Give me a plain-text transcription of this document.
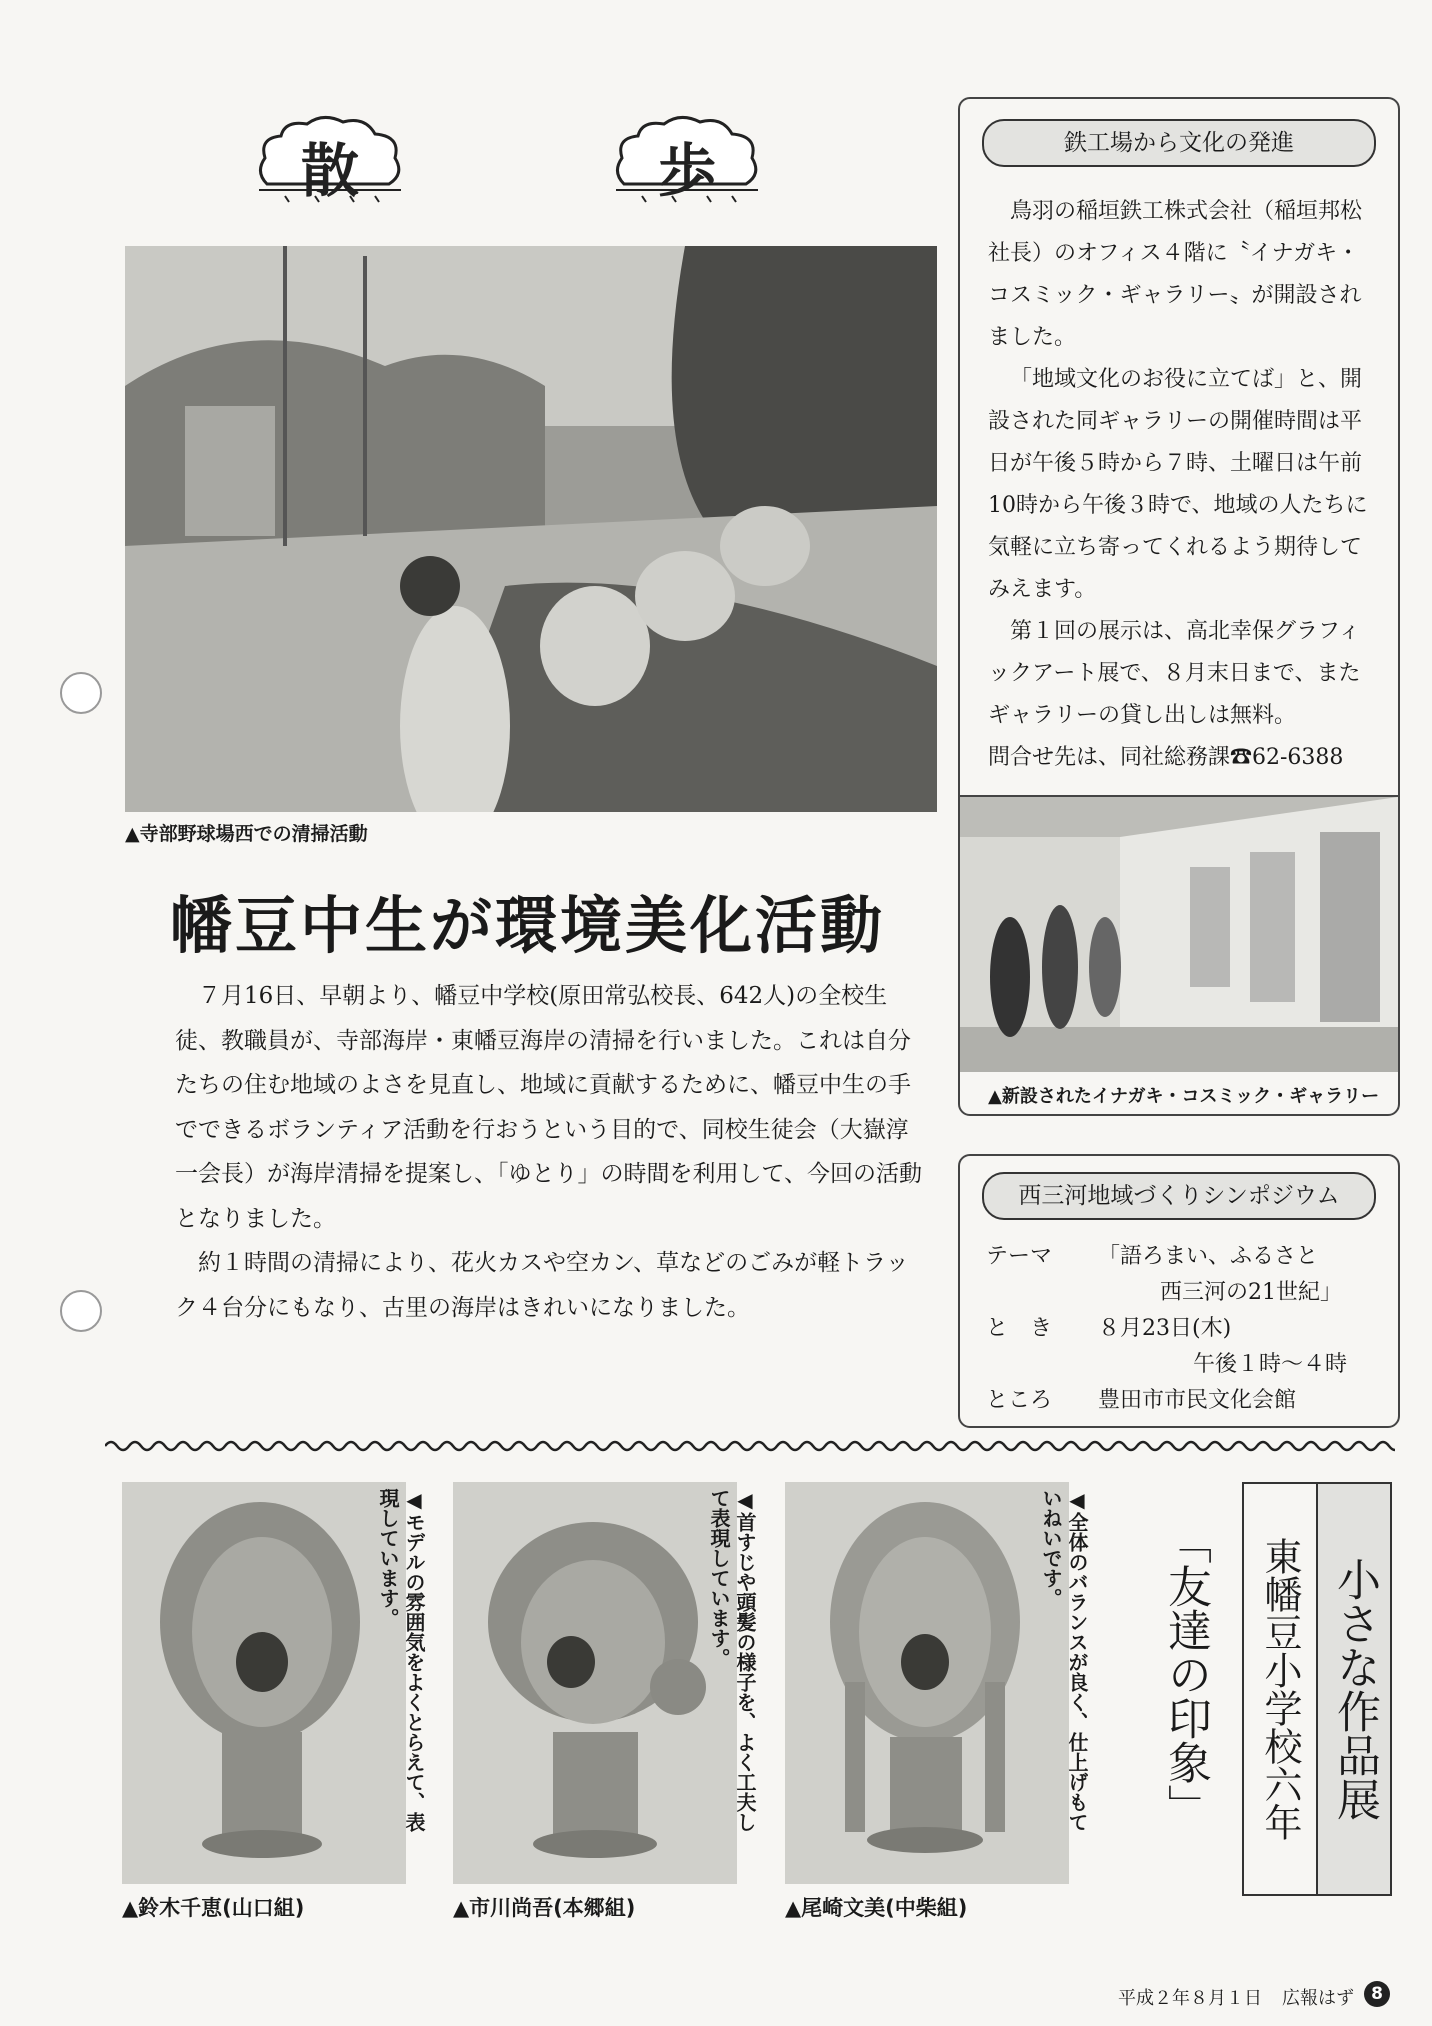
散	歩
▲寺部野球場西での清掃活動
幡豆中生が環境美化活動

７月16日、早朝より、幡豆中学校(原田常弘校長、642人)の全校生徒、教職員が、寺部海岸・東幡豆海岸の清掃を行いました。これは自分たちの住む地域のよさを見直し、地域に貢献するために、幡豆中生の手でできるボランティア活動を行おうという目的で、同校生徒会（大嶽淳一会長）が海岸清掃を提案し、「ゆとり」の時間を利用して、今回の活動となりました。

約１時間の清掃により、花火カスや空カン、草などのごみが軽トラック４台分にもなり、古里の海岸はきれいになりました。

鉄工場から文化の発進

鳥羽の稲垣鉄工株式会社（稲垣邦松社長）のオフィス４階に〝イナガキ・コスミック・ギャラリー〟が開設されました。

「地域文化のお役に立てば」と、開設された同ギャラリーの開催時間は平日が午後５時から７時、土曜日は午前10時から午後３時で、地域の人たちに気軽に立ち寄ってくれるよう期待してみえます。

第１回の展示は、高北幸保グラフィックアート展で、８月末日まで、またギャラリーの貸し出しは無料。

問合せ先は、同社総務課☎62-6388

▲新設されたイナガキ・コスミック・ギャラリー
西三河地域づくりシンポジウム
テーマ 「語ろまい、ふるさと
西三河の21世紀」
と　き ８月23日(木)
午後１時～４時
ところ 豊田市市民文化会館
◀モデルの雰囲気をよくとらえて、表現しています。	◀首すじや頭髪の様子を、よく工夫して表現しています。	◀全体のバランスが良く、仕上げもていねいです。
▲鈴木千恵(山口組)	▲市川尚吾(本郷組)	▲尾崎文美(中柴組)
小さな作品展
東幡豆小学校六年
「友達の印象」
平成２年８月１日 広報はず	8
